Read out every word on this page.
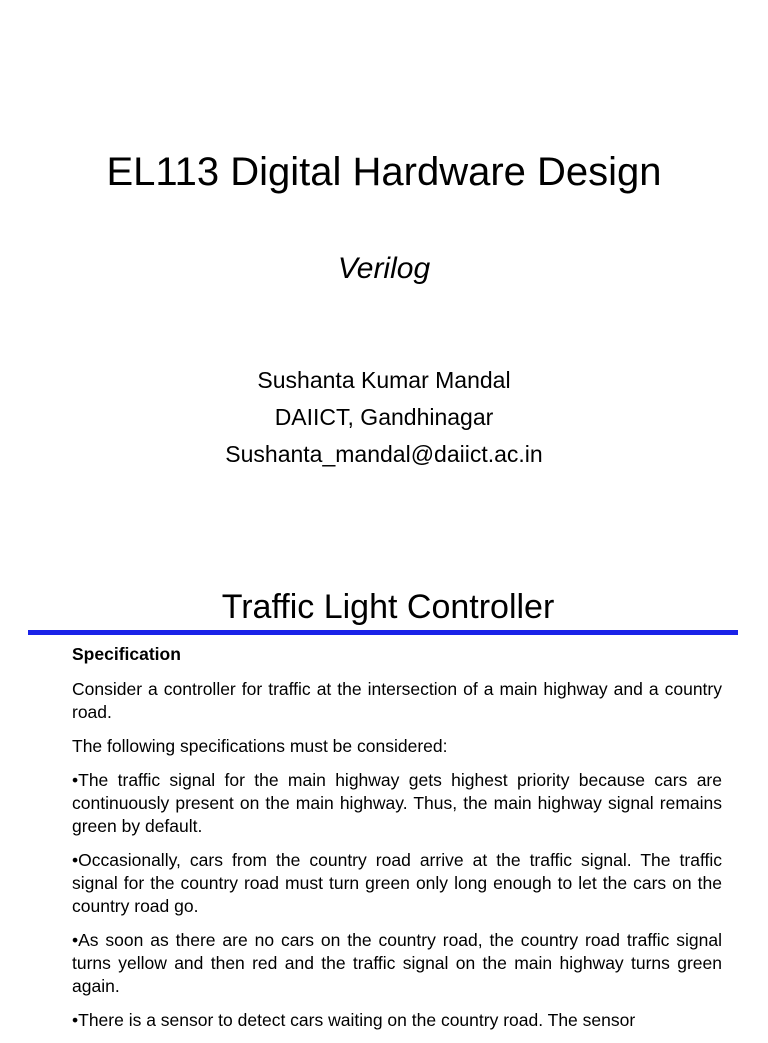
EL113 Digital Hardware Design
Verilog
Sushanta Kumar Mandal
DAIICT, Gandhinagar
Sushanta_mandal@daiict.ac.in
Traffic Light Controller

Specification

Consider a controller for traffic at the intersection of a main highway and a country road.

The following specifications must be considered:

•The traffic signal for the main highway gets highest priority because cars are continuously present on the main highway. Thus, the main highway signal remains green by default.

•Occasionally, cars from the country road arrive at the traffic signal. The traffic signal for the country road must turn green only long enough to let the cars on the country road go.

•As soon as there are no cars on the country road, the country road traffic signal turns yellow and then red and the traffic signal on the main highway turns green again.

•There is a sensor to detect cars waiting on the country road. The sensor
